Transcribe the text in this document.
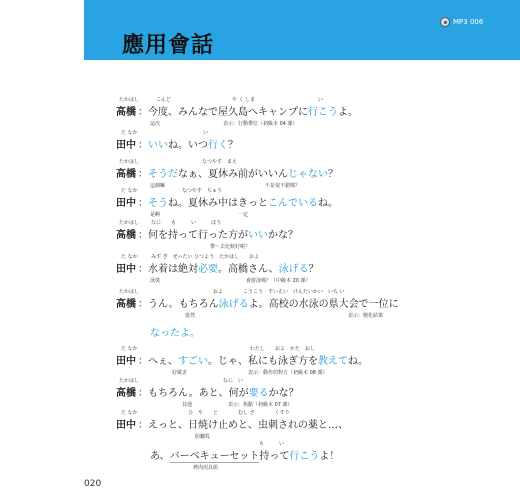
MP3 006
應用會話
高橋 ：今度、みんなで屋久島へキャンプに行こうよ。
たかはし	こんど	や く しま	い
這次	表示：行動帶位（初級本 04 課）
田中 ：いいね。いつ行く？
た なか	い
高橋 ：そうだなぁ、夏休み前がいいんじゃない？
たかはし	なつやす　まえ
這個嘛	不是很不錯嗎？
田中 ：そうね。夏休み中はきっとこんでいるね。
た なか	なつやす　ちゅう
是啊	一定
高橋 ：何を持って行った方がいいかな？
たかはし なに　　も　　　い　　　ほう
帶～去比較好呢？
田中 ：水着は絶対必要。高橋さん、泳げる？
た なか	みず ぎ　ぜったい ひつよう　たかはし　　およ
泳裝	會游泳嗎？（中級本 20 課）
高橋 ：うん。もちろん泳げるよ。高校の水泳の県大会で一位に
たかはし	およ　　　　こうこう　すいえい　けんたいかい　いち い
當然	表示：變化結果
なったよ。
田中 ：へぇ、すごい。じゃ、私にも泳ぎ方を教えてね。
た なか	わたし　　およ　かた　おし
好厲害	表示：動作的對方（初級本 08 課）
高橋 ：もちろん。あと、何が要るかな？
たかはし	なに　い
其他	表示：焦點（初級本 07 課）
田中 ：えっと、日焼け止めと、虫刺されの薬と…、
た なか	ひ　や　　と　　　　むし さ　　　　くすり
防曬乳
あ、バーベキューセット持って行こうよ！
も　　　い
烤肉用具組
020
